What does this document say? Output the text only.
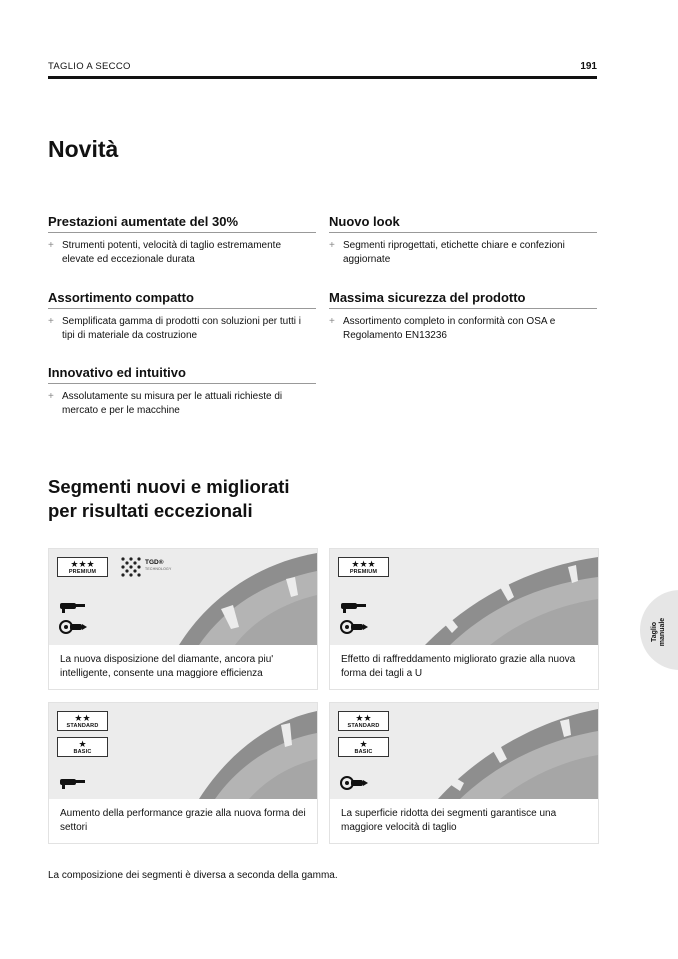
TAGLIO A SECCO	191
Novità
Prestazioni aumentate del 30%
+ Strumenti potenti, velocità di taglio estremamente elevate ed eccezionale durata
Nuovo look
+ Segmenti riprogettati, etichette chiare e confezioni aggiornate
Assortimento compatto
+ Semplificata gamma di prodotti con soluzioni per tutti i tipi di materiale da costruzione
Massima sicurezza del prodotto
+ Assortimento completo in conformità con OSA e Regolamento EN13236
Innovativo ed intuitivo
+ Assolutamente su misura per le attuali richieste di mercato e per le macchine
Segmenti nuovi e migliorati
per risultati eccezionali
★★★
PREMIUM
TGD®
TECHNOLOGY
La nuova disposizione del diamante, ancora piu' intelligente, consente una maggiore efficienza
★★★
PREMIUM
Effetto di raffreddamento migliorato grazie alla nuova forma dei tagli a U
★★
STANDARD
★
BASIC
Aumento della performance grazie alla nuova forma dei settori
★★
STANDARD
★
BASIC
La superficie ridotta dei segmenti garantisce una maggiore velocità di taglio
Taglio manuale
La composizione dei segmenti è diversa a seconda della gamma.
